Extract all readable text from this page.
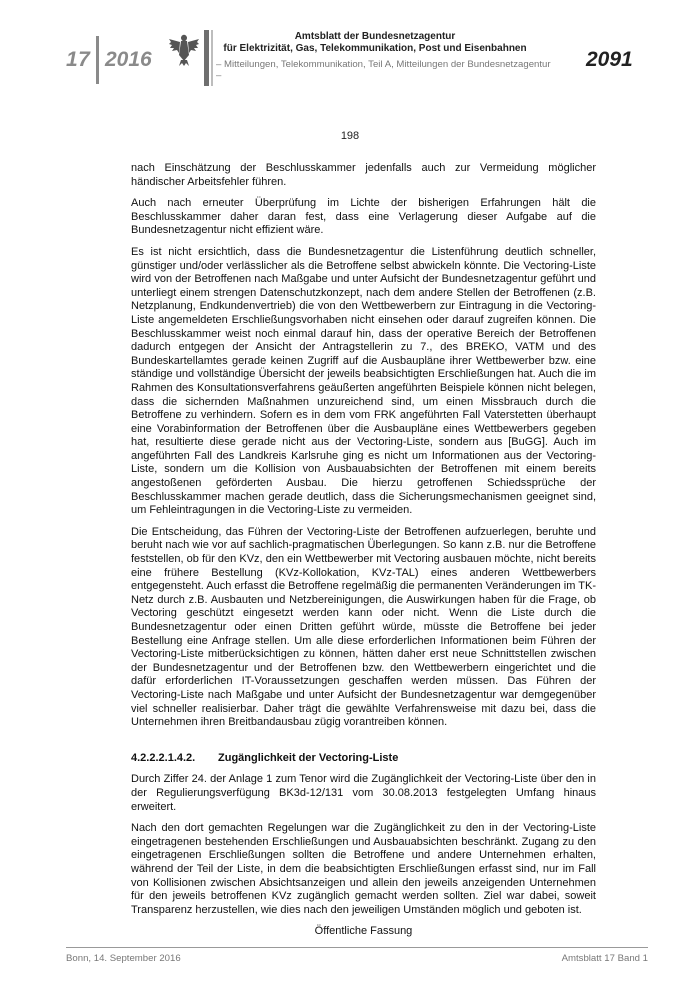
17 2016
Amtsblatt der Bundesnetzagentur
für Elektrizität, Gas, Telekommunikation, Post und Eisenbahnen
– Mitteilungen, Telekommunikation, Teil A, Mitteilungen der Bundesnetzagentur –
2091
198

nach Einschätzung der Beschlusskammer jedenfalls auch zur Vermeidung möglicher händischer Arbeitsfehler führen.

Auch nach erneuter Überprüfung im Lichte der bisherigen Erfahrungen hält die Beschlusskammer daher daran fest, dass eine Verlagerung dieser Aufgabe auf die Bundesnetzagentur nicht effizient wäre.

Es ist nicht ersichtlich, dass die Bundesnetzagentur die Listenführung deutlich schneller, günstiger und/oder verlässlicher als die Betroffene selbst abwickeln könnte. Die Vectoring-Liste wird von der Betroffenen nach Maßgabe und unter Aufsicht der Bundesnetzagentur geführt und unterliegt einem strengen Datenschutzkonzept, nach dem andere Stellen der Betroffenen (z.B. Netzplanung, Endkundenvertrieb) die von den Wettbewerbern zur Eintragung in die Vectoring-Liste angemeldeten Erschließungsvorhaben nicht einsehen oder darauf zugreifen können. Die Beschlusskammer weist noch einmal darauf hin, dass der operative Bereich der Betroffenen dadurch entgegen der Ansicht der Antragstellerin zu 7., des BREKO, VATM und des Bundeskartellamtes gerade keinen Zugriff auf die Ausbaupläne ihrer Wettbewerber bzw. eine ständige und vollständige Übersicht der jeweils beabsichtigten Erschließungen hat. Auch die im Rahmen des Konsultationsverfahrens geäußerten angeführten Beispiele können nicht belegen, dass die sichernden Maßnahmen unzureichend sind, um einen Missbrauch durch die Betroffene zu verhindern. Sofern es in dem vom FRK angeführten Fall Vaterstetten überhaupt eine Vorabinformation der Betroffenen über die Ausbaupläne eines Wettbewerbers gegeben hat, resultierte diese gerade nicht aus der Vectoring-Liste, sondern aus [BuGG]. Auch im angeführten Fall des Landkreis Karlsruhe ging es nicht um Informationen aus der Vectoring-Liste, sondern um die Kollision von Ausbauabsichten der Betroffenen mit einem bereits angestoßenen geförderten Ausbau. Die hierzu getroffenen Schiedssprüche der Beschlusskammer machen gerade deutlich, dass die Sicherungsmechanismen geeignet sind, um Fehleintragungen in die Vectoring-Liste zu vermeiden.

Die Entscheidung, das Führen der Vectoring-Liste der Betroffenen aufzuerlegen, beruhte und beruht nach wie vor auf sachlich-pragmatischen Überlegungen. So kann z.B. nur die Betroffene feststellen, ob für den KVz, den ein Wettbewerber mit Vectoring ausbauen möchte, nicht bereits eine frühere Bestellung (KVz-Kollokation, KVz-TAL) eines anderen Wettbewerbers entgegensteht. Auch erfasst die Betroffene regelmäßig die permanenten Veränderungen im TK-Netz durch z.B. Ausbauten und Netzbereinigungen, die Auswirkungen haben für die Frage, ob Vectoring geschützt eingesetzt werden kann oder nicht. Wenn die Liste durch die Bundesnetzagentur oder einen Dritten geführt würde, müsste die Betroffene bei jeder Bestellung eine Anfrage stellen. Um alle diese erforderlichen Informationen beim Führen der Vectoring-Liste mitberücksichtigen zu können, hätten daher erst neue Schnittstellen zwischen der Bundesnetzagentur und der Betroffenen bzw. den Wettbewerbern eingerichtet und die dafür erforderlichen IT-Voraussetzungen geschaffen werden müssen. Das Führen der Vectoring-Liste nach Maßgabe und unter Aufsicht der Bundesnetzagentur war demgegenüber viel schneller realisierbar. Daher trägt die gewählte Verfahrensweise mit dazu bei, dass die Unternehmen ihren Breitbandausbau zügig vorantreiben können.

4.2.2.2.1.4.2.	Zugänglichkeit der Vectoring-Liste

Durch Ziffer 24. der Anlage 1 zum Tenor wird die Zugänglichkeit der Vectoring-Liste über den in der Regulierungsverfügung BK3d-12/131 vom 30.08.2013 festgelegten Umfang hinaus erweitert.

Nach den dort gemachten Regelungen war die Zugänglichkeit zu den in der Vectoring-Liste eingetragenen bestehenden Erschließungen und Ausbauabsichten beschränkt. Zugang zu den eingetragenen Erschließungen sollten die Betroffene und andere Unternehmen erhalten, während der Teil der Liste, in dem die beabsichtigten Erschließungen erfasst sind, nur im Fall von Kollisionen zwischen Absichtsanzeigen und allein den jeweils anzeigenden Unternehmen für den jeweils betroffenen KVz zugänglich gemacht werden sollten. Ziel war dabei, soweit Transparenz herzustellen, wie dies nach den jeweiligen Umständen möglich und geboten ist.

Öffentliche Fassung
Bonn, 14. September 2016	Amtsblatt 17 Band 1
